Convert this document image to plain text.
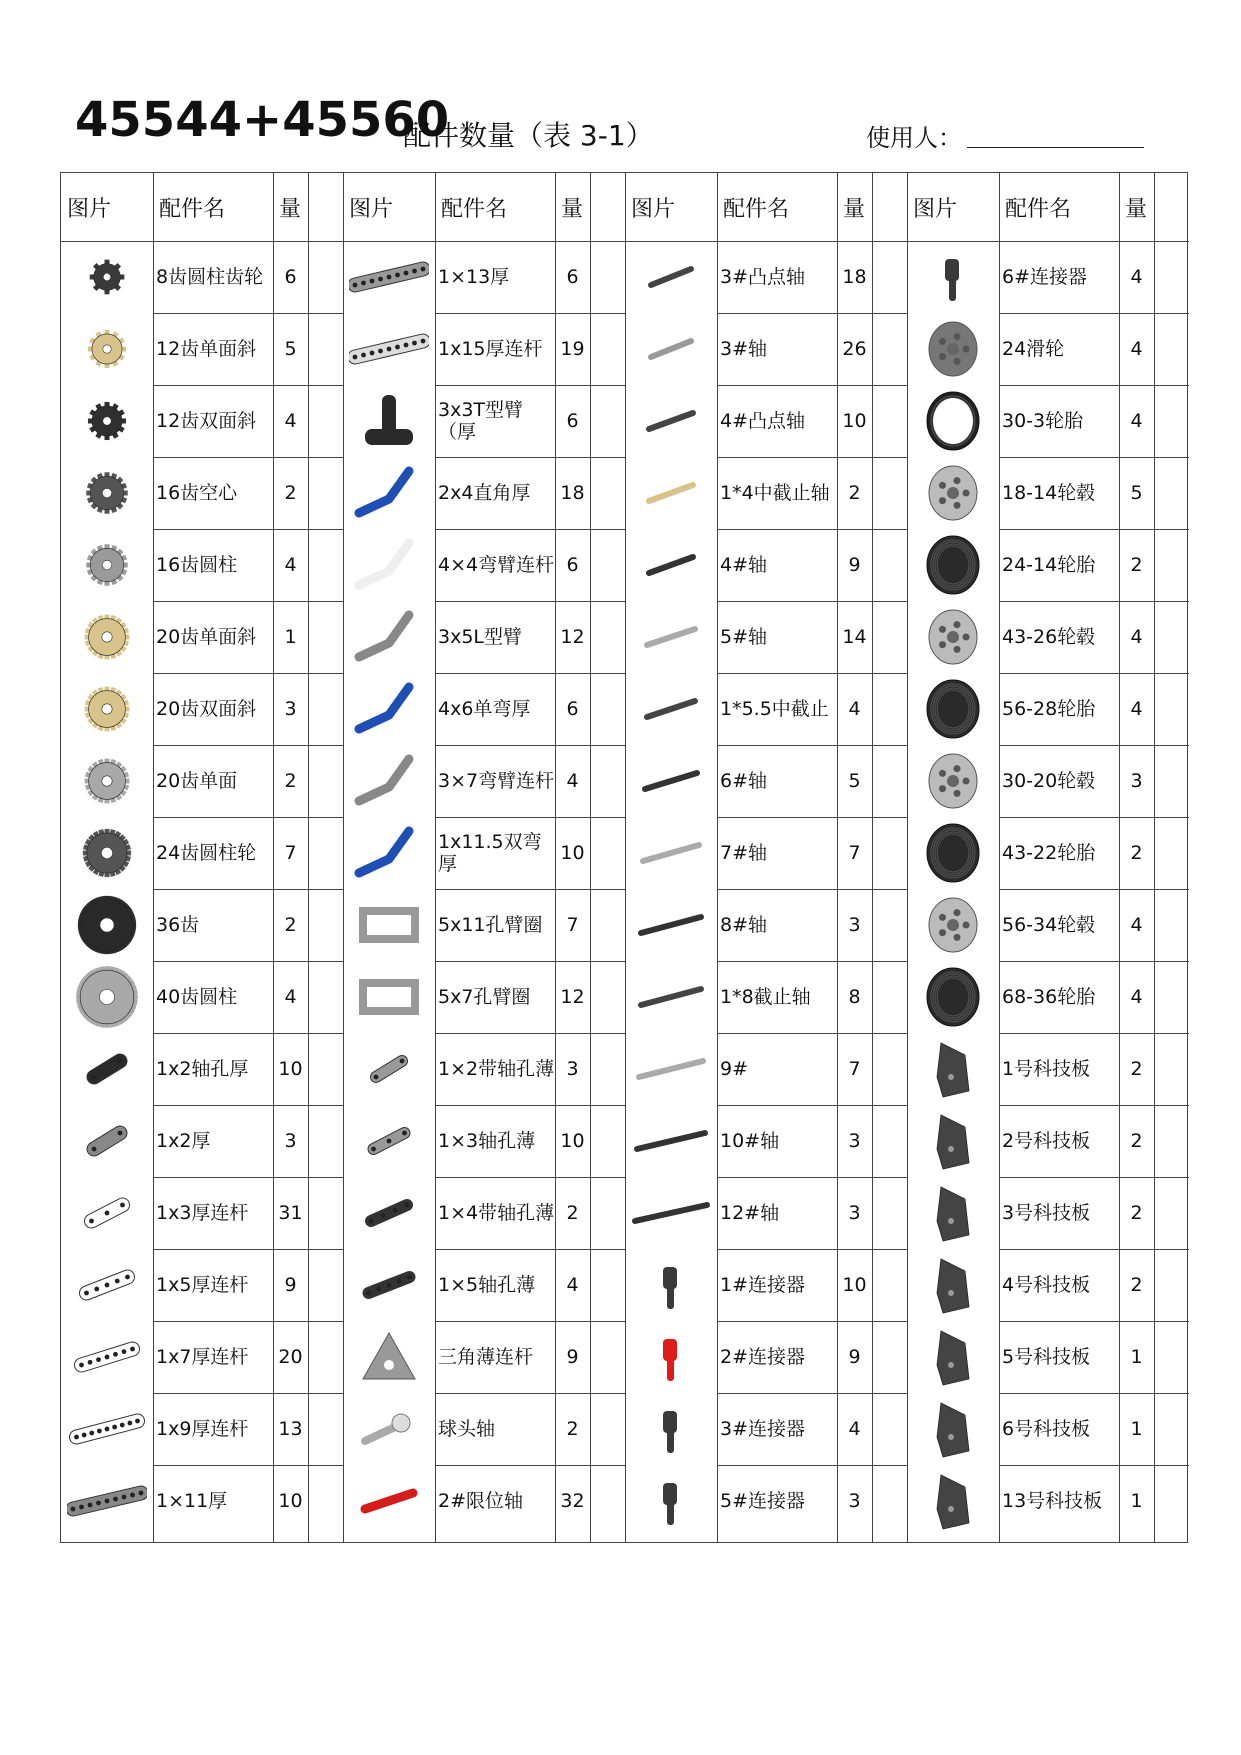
45544+45560
配件数量（表 3-1）	使用人：
图片	配件名	量
8齿圆柱齿轮	6
12齿单面斜	5
12齿双面斜	4
16齿空心	2
16齿圆柱	4
20齿单面斜	1
20齿双面斜	3
20齿单面	2
24齿圆柱轮	7
36齿	2
40齿圆柱	4
1x2轴孔厚	10
1x2厚	3
1x3厚连杆	31
1x5厚连杆	9
1x7厚连杆	20
1x9厚连杆	13
1×11厚	10
图片	配件名	量
1×13厚	6
1x15厚连杆 19
3x3T型臂（厚	6
2x4直角厚	18
4×4弯臂连杆 6
3x5L型臂	12
4x6单弯厚	6
3×7弯臂连杆 4
1x11.5双弯厚	10
5x11孔臂圈	7
5x7孔臂圈	12
1×2带轴孔薄 3
1×3轴孔薄	10
1×4带轴孔薄 2
1×5轴孔薄	4
三角薄连杆	9
球头轴	2
2#限位轴	32
图片	配件名	量
3#凸点轴	18
3#轴	26
4#凸点轴	10
1*4中截止轴 2
4#轴	9
5#轴	14
1*5.5中截止	4
6#轴	5
7#轴	7
8#轴	3
1*8截止轴	8
9#	7
10#轴	3
12#轴	3
1#连接器	10
2#连接器	9
3#连接器	4
5#连接器	3
图片	配件名	量
6#连接器	4
24滑轮	4
30-3轮胎	4
18-14轮毂	5
24-14轮胎	2
43-26轮毂	4
56-28轮胎	4
30-20轮毂	3
43-22轮胎	2
56-34轮毂	4
68-36轮胎	4
1号科技板	2
2号科技板	2
3号科技板	2
4号科技板	2
5号科技板	1
6号科技板	1
13号科技板	1
